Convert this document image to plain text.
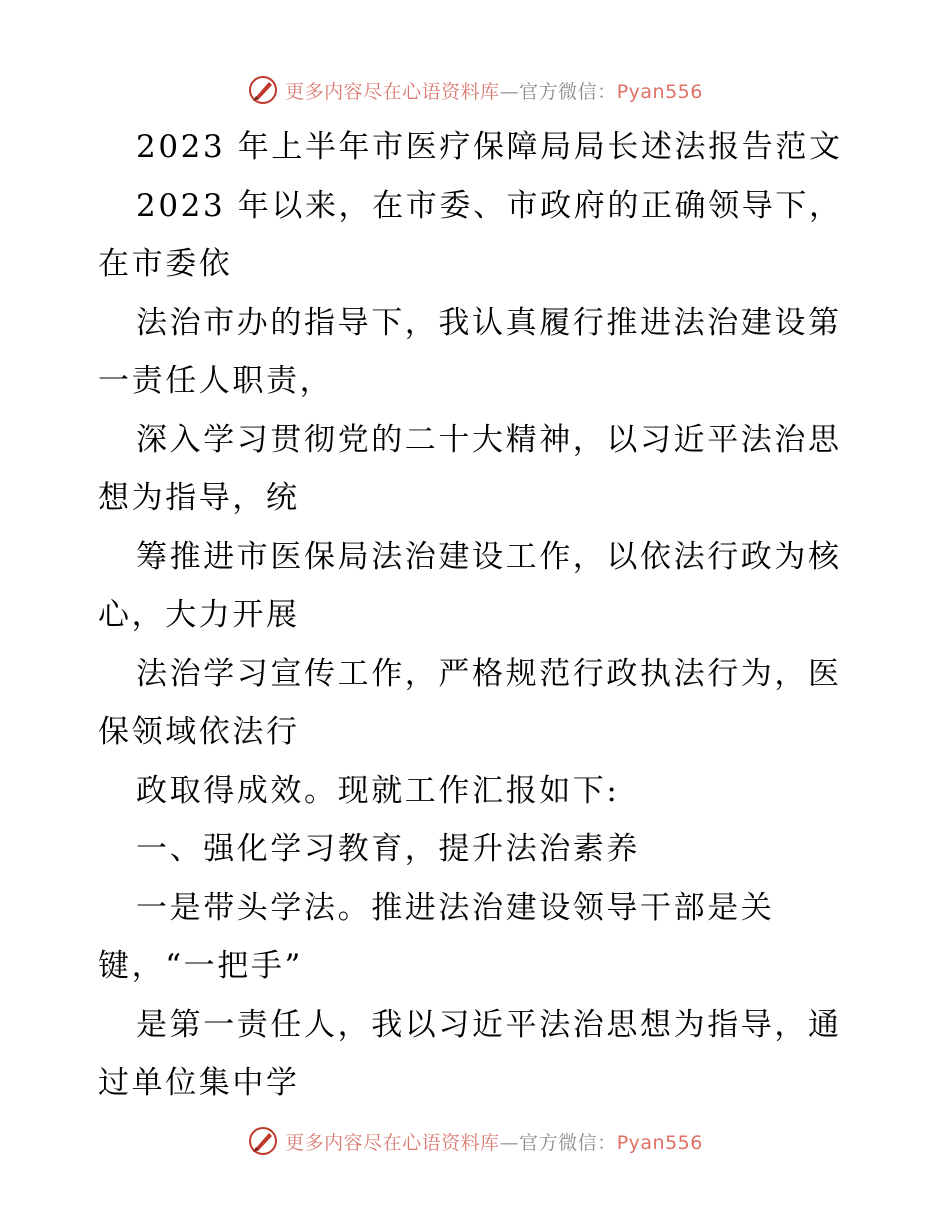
更多内容尽在心语资料库—官方微信：Pyan556
2023 年上半年市医疗保障局局长述法报告范文
2023 年以来，在市委、市政府的正确领导下，
在市委依
法治市办的指导下，我认真履行推进法治建设第
一责任人职责，
深入学习贯彻党的二十大精神，以习近平法治思
想为指导，统
筹推进市医保局法治建设工作，以依法行政为核
心，大力开展
法治学习宣传工作，严格规范行政执法行为，医
保领域依法行
政取得成效。现就工作汇报如下:
一、强化学习教育，提升法治素养
一是带头学法。推进法治建设领导干部是关
键，“一把手”
是第一责任人，我以习近平法治思想为指导，通
过单位集中学
更多内容尽在心语资料库—官方微信：Pyan556
